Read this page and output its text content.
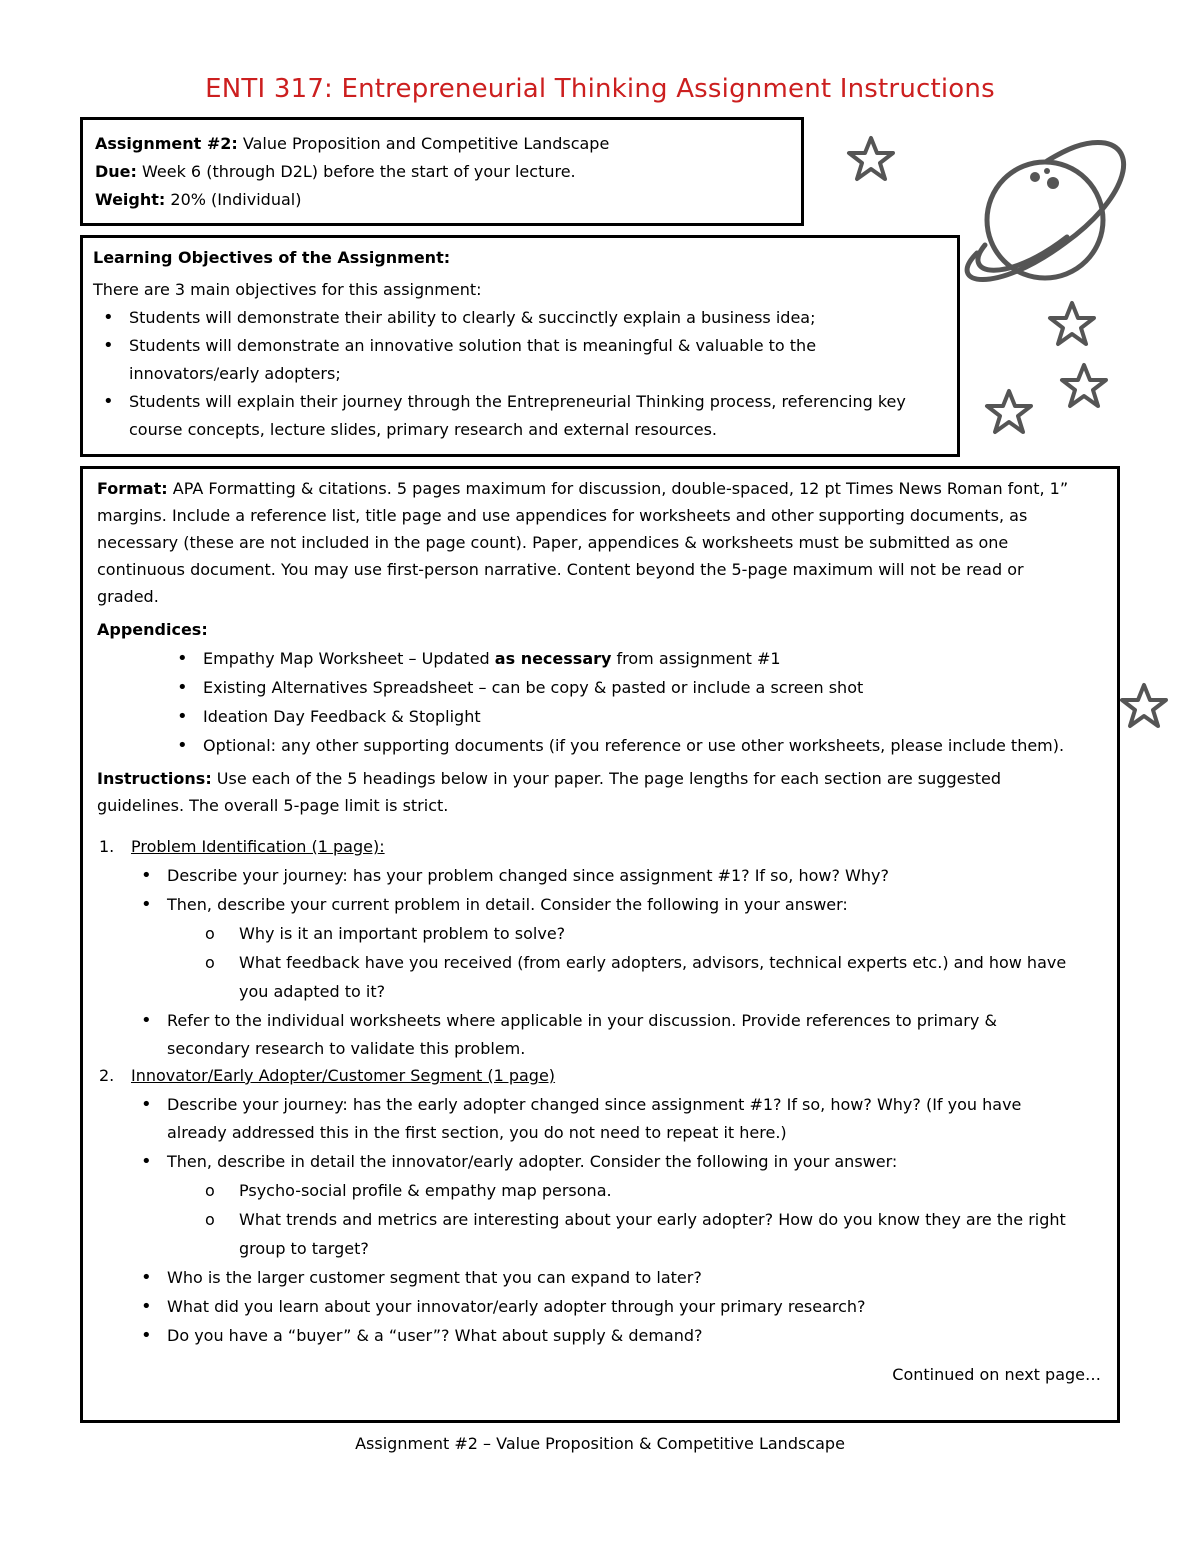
ENTI 317: Entrepreneurial Thinking Assignment Instructions
Assignment #2: Value Proposition and Competitive Landscape
Due: Week 6 (through D2L) before the start of your lecture.
Weight: 20% (Individual)
Learning Objectives of the Assignment:
There are 3 main objectives for this assignment:
• Students will demonstrate their ability to clearly & succinctly explain a business idea;
• Students will demonstrate an innovative solution that is meaningful & valuable to the
innovators/early adopters;
• Students will explain their journey through the Entrepreneurial Thinking process, referencing key
course concepts, lecture slides, primary research and external resources.
Format: APA Formatting & citations. 5 pages maximum for discussion, double-spaced, 12 pt Times News Roman font, 1”
margins. Include a reference list, title page and use appendices for worksheets and other supporting documents, as
necessary (these are not included in the page count). Paper, appendices & worksheets must be submitted as one
continuous document. You may use first-person narrative. Content beyond the 5-page maximum will not be read or
graded.
Appendices:
• Empathy Map Worksheet – Updated as necessary from assignment #1
• Existing Alternatives Spreadsheet – can be copy & pasted or include a screen shot
• Ideation Day Feedback & Stoplight
• Optional: any other supporting documents (if you reference or use other worksheets, please include them).
Instructions: Use each of the 5 headings below in your paper. The page lengths for each section are suggested
guidelines. The overall 5-page limit is strict.
1. Problem Identification (1 page):
• Describe your journey: has your problem changed since assignment #1? If so, how? Why?
• Then, describe your current problem in detail. Consider the following in your answer:
o Why is it an important problem to solve?
o What feedback have you received (from early adopters, advisors, technical experts etc.) and how have
you adapted to it?
• Refer to the individual worksheets where applicable in your discussion. Provide references to primary &
secondary research to validate this problem.
2. Innovator/Early Adopter/Customer Segment (1 page)
• Describe your journey: has the early adopter changed since assignment #1? If so, how? Why? (If you have
already addressed this in the first section, you do not need to repeat it here.)
• Then, describe in detail the innovator/early adopter. Consider the following in your answer:
o Psycho-social profile & empathy map persona.
o What trends and metrics are interesting about your early adopter? How do you know they are the right
group to target?
• Who is the larger customer segment that you can expand to later?
• What did you learn about your innovator/early adopter through your primary research?
• Do you have a “buyer” & a “user”? What about supply & demand?
Continued on next page…
Assignment #2 – Value Proposition & Competitive Landscape
